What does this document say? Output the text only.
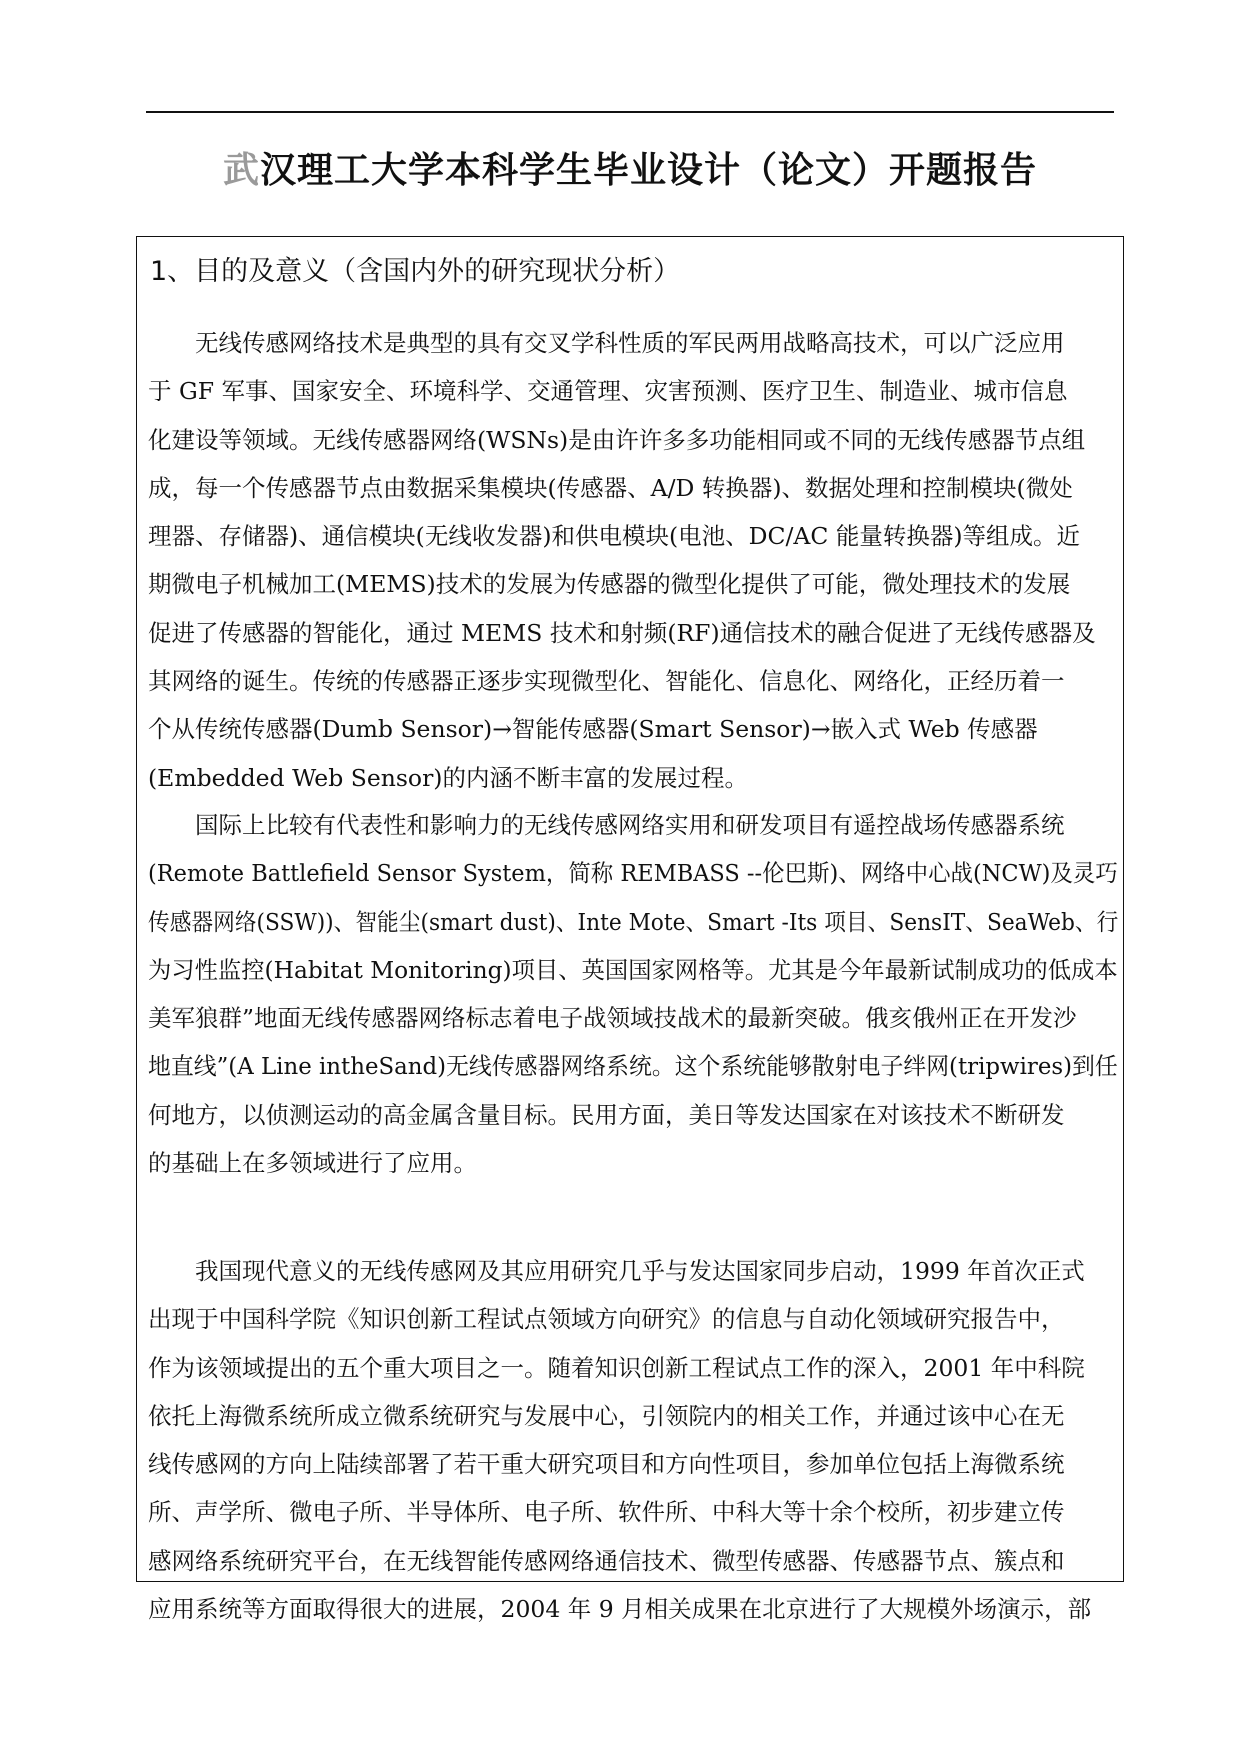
武汉理工大学本科学生毕业设计（论文）开题报告
1、目的及意义（含国内外的研究现状分析）
　　无线传感网络技术是典型的具有交叉学科性质的军民两用战略高技术，可以广泛应用
于 GF 军事、国家安全、环境科学、交通管理、灾害预测、医疗卫生、制造业、城市信息
化建设等领域。无线传感器网络(WSNs)是由许许多多功能相同或不同的无线传感器节点组
成，每一个传感器节点由数据采集模块(传感器、A/D 转换器)、数据处理和控制模块(微处
理器、存储器)、通信模块(无线收发器)和供电模块(电池、DC/AC 能量转换器)等组成。近
期微电子机械加工(MEMS)技术的发展为传感器的微型化提供了可能，微处理技术的发展
促进了传感器的智能化，通过 MEMS 技术和射频(RF)通信技术的融合促进了无线传感器及
其网络的诞生。传统的传感器正逐步实现微型化、智能化、信息化、网络化，正经历着一
个从传统传感器(Dumb Sensor)→智能传感器(Smart Sensor)→嵌入式 Web 传感器
(Embedded Web Sensor)的内涵不断丰富的发展过程。
　　国际上比较有代表性和影响力的无线传感网络实用和研发项目有遥控战场传感器系统
(Remote Battlefield Sensor System，简称 REMBASS --伦巴斯)、网络中心战(NCW)及灵巧
传感器网络(SSW))、智能尘(smart dust)、Inte Mote、Smart -Its 项目、SensIT、SeaWeb、行
为习性监控(Habitat Monitoring)项目、英国国家网格等。尤其是今年最新试制成功的低成本
美军狼群”地面无线传感器网络标志着电子战领域技战术的最新突破。俄亥俄州正在开发沙
地直线”(A Line intheSand)无线传感器网络系统。这个系统能够散射电子绊网(tripwires)到任
何地方，以侦测运动的高金属含量目标。民用方面，美日等发达国家在对该技术不断研发
的基础上在多领域进行了应用。
　　我国现代意义的无线传感网及其应用研究几乎与发达国家同步启动，1999 年首次正式
出现于中国科学院《知识创新工程试点领域方向研究》的信息与自动化领域研究报告中，
作为该领域提出的五个重大项目之一。随着知识创新工程试点工作的深入，2001 年中科院
依托上海微系统所成立微系统研究与发展中心，引领院内的相关工作，并通过该中心在无
线传感网的方向上陆续部署了若干重大研究项目和方向性项目，参加单位包括上海微系统
所、声学所、微电子所、半导体所、电子所、软件所、中科大等十余个校所，初步建立传
感网络系统研究平台，在无线智能传感网络通信技术、微型传感器、传感器节点、簇点和
应用系统等方面取得很大的进展，2004 年 9 月相关成果在北京进行了大规模外场演示，部
